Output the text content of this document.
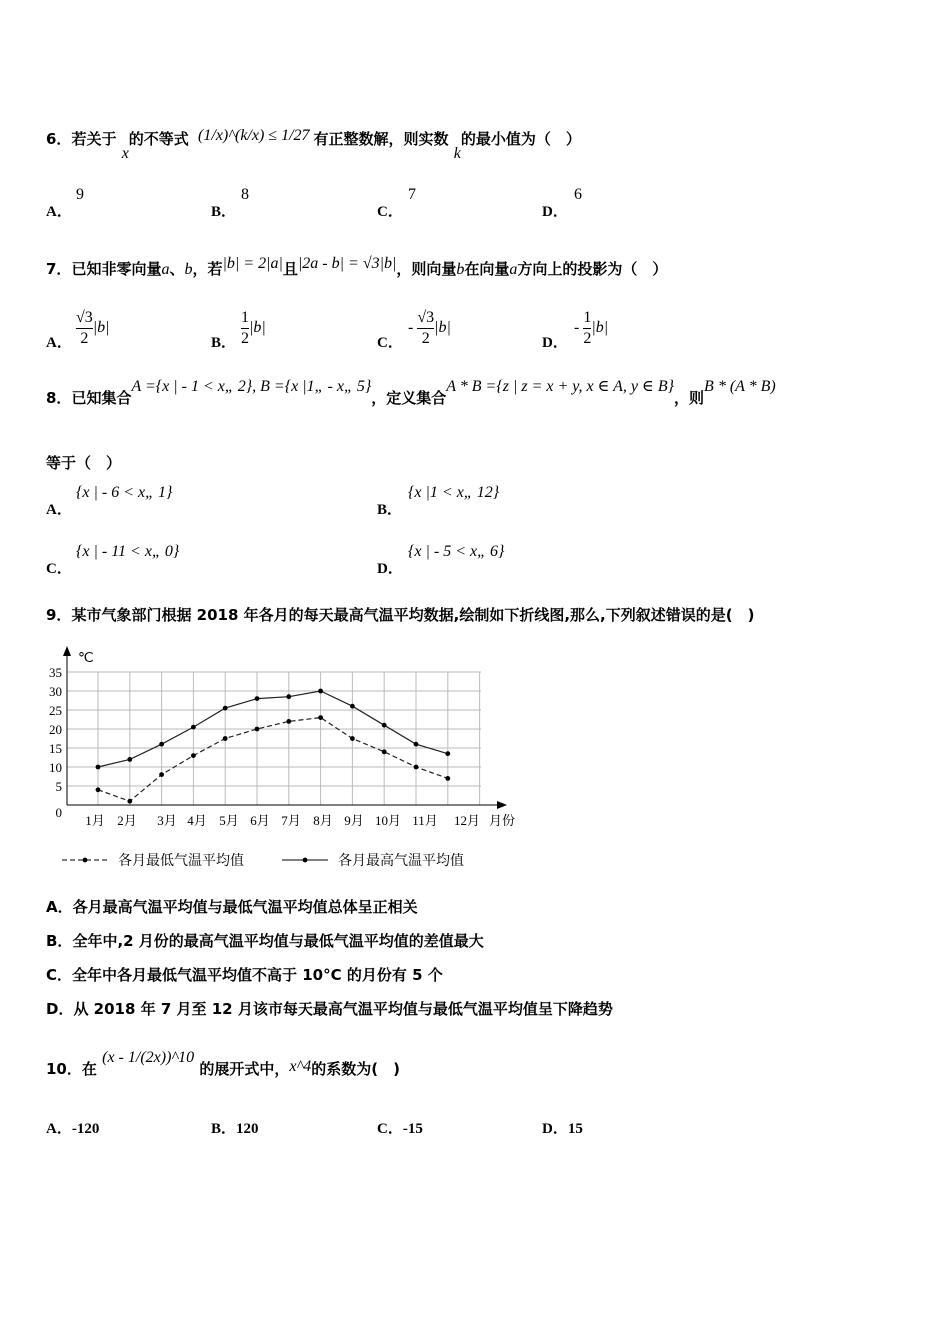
6．若关于 x的不等式 (1/x)^(k/x) ≤ 1/27 有正整数解，则实数 k的最小值为（　）
A．
9
B．
8
C．
7
D．
6
7．已知非零向量a、b，若|b| = 2|a|且|2a - b| = √3|b|，则向量b在向量a方向上的投影为（　）
A． $\frac{√3}{2} |b|$
B． $\frac{1}{2} |b|$
C．
- $\frac{√3}{2} |b|$
D．
- $\frac{1}{2} |b|$
8．已知集合A ={x | - 1 < x„ 2}, B ={x |1„ - x„ 5}，定义集合A * B ={z | z = x + y, x ∈ A, y ∈ B}，则B * (A * B)
等于（　）
A．
{x | - 6 < x„ 1}
B．
{x |1 < x„ 12}
C．
{x | - 11 < x„ 0}
D．
{x | - 5 < x„ 6}
9．某市气象部门根据 2018 年各月的每天最高气温平均数据,绘制如下折线图,那么,下列叙述错误的是(　)
℃
0
5
10
15
20
25
30
35
1月 2月 3月 4月 5月 6月 7月 8月 9月 10月 11月 12月 月份
各月最低气温平均值	各月最高气温平均值
A．各月最高气温平均值与最低气温平均值总体呈正相关
B．全年中,2 月份的最高气温平均值与最低气温平均值的差值最大
C．全年中各月最低气温平均值不高于 10°C 的月份有 5 个
D．从 2018 年 7 月至 12 月该市每天最高气温平均值与最低气温平均值呈下降趋势
10．在 (x - 1/(2x))^10 的展开式中，x^4的系数为(　)
A．-120	B．120	C．-15	D．15
